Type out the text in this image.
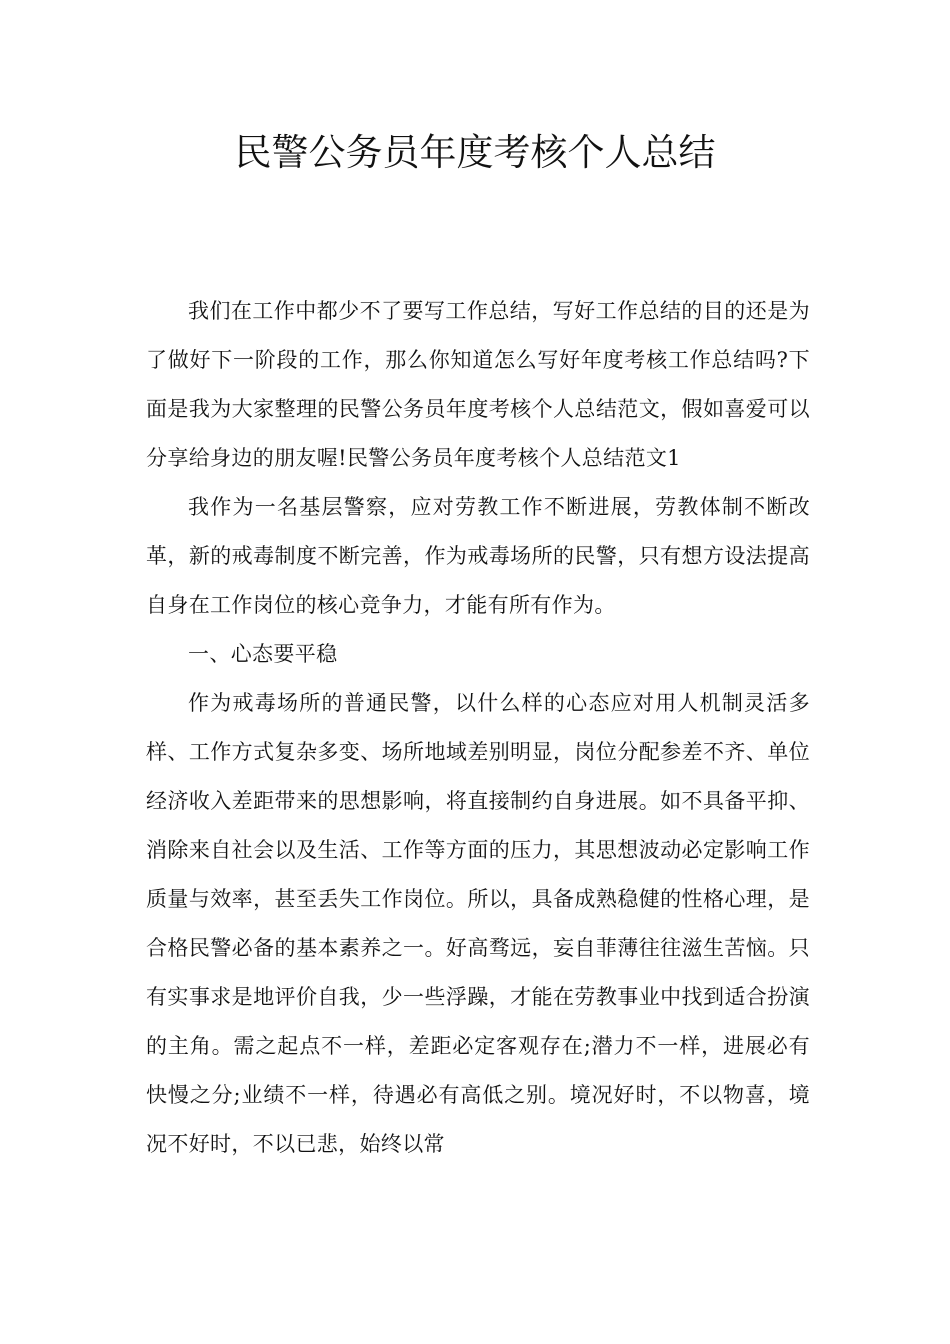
民警公务员年度考核个人总结

我们在工作中都少不了要写工作总结，写好工作总结的目的还是为了做好下一阶段的工作，那么你知道怎么写好年度考核工作总结吗?下面是我为大家整理的民警公务员年度考核个人总结范文，假如喜爱可以分享给身边的朋友喔!民警公务员年度考核个人总结范文1

我作为一名基层警察，应对劳教工作不断进展，劳教体制不断改革，新的戒毒制度不断完善，作为戒毒场所的民警，只有想方设法提高自身在工作岗位的核心竞争力，才能有所有作为。

一、心态要平稳

作为戒毒场所的普通民警，以什么样的心态应对用人机制灵活多样、工作方式复杂多变、场所地域差别明显，岗位分配参差不齐、单位经济收入差距带来的思想影响，将直接制约自身进展。如不具备平抑、消除来自社会以及生活、工作等方面的压力，其思想波动必定影响工作质量与效率，甚至丢失工作岗位。所以，具备成熟稳健的性格心理，是合格民警必备的基本素养之一。好高骛远，妄自菲薄往往滋生苦恼。只有实事求是地评价自我，少一些浮躁，才能在劳教事业中找到适合扮演的主角。需之起点不一样，差距必定客观存在;潜力不一样，进展必有快慢之分;业绩不一样，待遇必有高低之别。境况好时，不以物喜，境况不好时，不以已悲，始终以常
